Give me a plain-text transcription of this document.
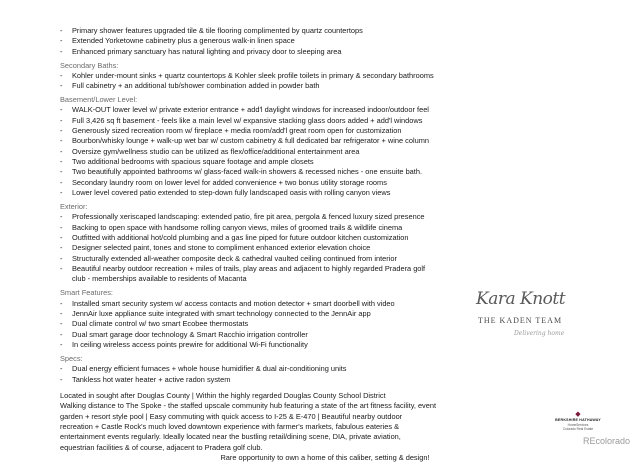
-	Primary shower features upgraded tile & tile flooring complimented by quartz countertops
-	Extended Yorketowne cabinetry plus a generous walk-in linen space
-	Enhanced primary sanctuary has natural lighting and privacy door to sleeping area
Secondary Baths:
-	Kohler under-mount sinks + quartz countertops & Kohler sleek profile toilets in primary & secondary bathrooms
-	Full cabinetry + an additional tub/shower combination added in powder bath
Basement/Lower Level:
-	WALK-OUT lower level w/ private exterior entrance + add'l daylight windows for increased indoor/outdoor feel
-	Full 3,426 sq ft basement - feels like a main level w/ expansive stacking glass doors added + add'l windows
-	Generously sized recreation room w/ fireplace + media room/add'l great room open for customization
-	Bourbon/whisky lounge + walk-up wet bar w/ custom cabinetry & full dedicated bar refrigerator + wine column
-	Oversize gym/wellness studio can be utilized as flex/office/additional entertainment area
-	Two additional bedrooms with spacious square footage and ample closets
-	Two beautifully appointed bathrooms w/ glass-faced walk-in showers & recessed niches - one ensuite bath.
-	Secondary laundry room on lower level for added convenience + two bonus utility storage rooms
-	Lower level covered patio extended to step-down fully landscaped oasis with rolling canyon views
Exterior:
-	Professionally xeriscaped landscaping: extended patio, fire pit area, pergola & fenced luxury sized presence
-	Backing to open space with handsome rolling canyon views, miles of groomed trails & wildlife cinema
-	Outfitted with additional hot/cold plumbing and a gas line piped for future outdoor kitchen customization
-	Designer selected paint, tones and stone to compliment enhanced exterior elevation choice
-	Structurally extended all-weather composite deck & cathedral vaulted ceiling continued from interior
-	Beautiful nearby outdoor recreation + miles of trails, play areas and adjacent to highly regarded Pradera golf
club - memberships available to residents of Macanta
Smart Features:
-	Installed smart security system w/ access contacts and motion detector + smart doorbell with video
-	JennAir luxe appliance suite integrated with smart technology connected to the JennAir app
-	Dual climate control w/ two smart Ecobee thermostats
-	Dual smart garage door technology & Smart Racchio irrigation controller
-	In ceiling wireless access points prewire for additional Wi-Fi functionality
Specs:
-	Dual energy efficient furnaces + whole house humidifier & dual air-conditioning units
-	Tankless hot water heater + active radon system
Located in sought after Douglas County | Within the highly regarded Douglas County School District
Walking distance to The Spoke - the staffed upscale community hub featuring a state of the art fitness facility, event
garden + resort style pool | Easy commuting with quick access to I-25 & E-470 | Beautiful nearby outdoor
recreation + Castle Rock's much loved downtown experience with farmer's markets, fabulous eateries &
entertainment events regularly. Ideally located near the bustling retail/dining scene, DIA, private aviation,
equestrian facilities & of course, adjacent to Pradera golf club.
Rare opportunity to own a home of this caliber, setting & design!
Kara Knott
THE KADEN TEAM
Delivering home
◆
BERKSHIRE HATHAWAY
HomeServices
Colorado Real Estate
REcolorado
